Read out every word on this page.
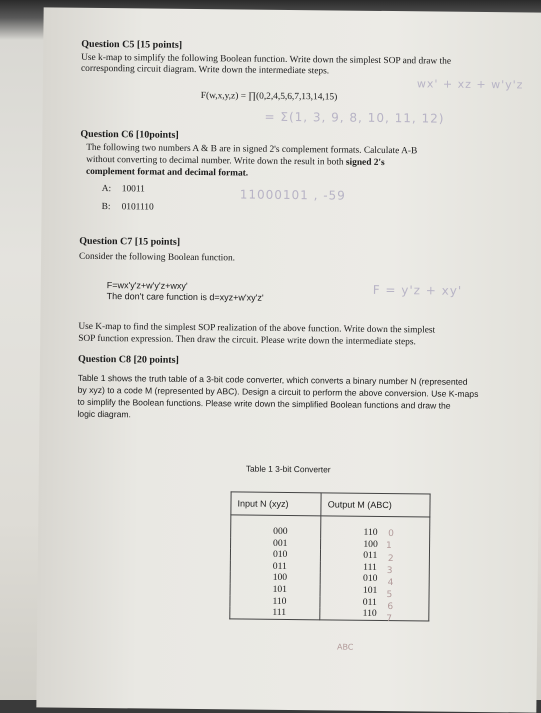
Question C5 [15 points]
Use k-map to simplify the following Boolean function. Write down the simplest SOP and draw the
corresponding circuit diagram. Write down the intermediate steps.
F(w,x,y,z) = ∏(0,2,4,5,6,7,13,14,15)
wx' + xz + w'y'z
= Σ(1, 3, 9, 8, 10, 11, 12)
Question C6 [10points]
The following two numbers A & B are in signed 2's complement formats. Calculate A-B
without converting to decimal number. Write down the result in both signed 2's
complement format and decimal format.
A: 10011
B: 0101110
11000101 , -59
Question C7 [15 points]
Consider the following Boolean function.
F=wx'y'z+w'y'z+wxy'
The don't care function is d=xyz+w'xy'z'	F = y'z + xy'
Use K-map to find the simplest SOP realization of the above function. Write down the simplest
SOP function expression. Then draw the circuit. Please write down the intermediate steps.
Question C8 [20 points]
Table 1 shows the truth table of a 3-bit code converter, which converts a binary number N (represented
by xyz) to a code M (represented by ABC). Design a circuit to perform the above conversion. Use K-maps
to simplify the Boolean functions. Please write down the simplified Boolean functions and draw the
logic diagram.
Table 1 3-bit Converter
Input N (xyz)	Output M (ABC)
000	110
001	100
010	011
011	111
100	010
101	101
110	011
111	110
0
1
2
3
4
5
6
7
ABC
